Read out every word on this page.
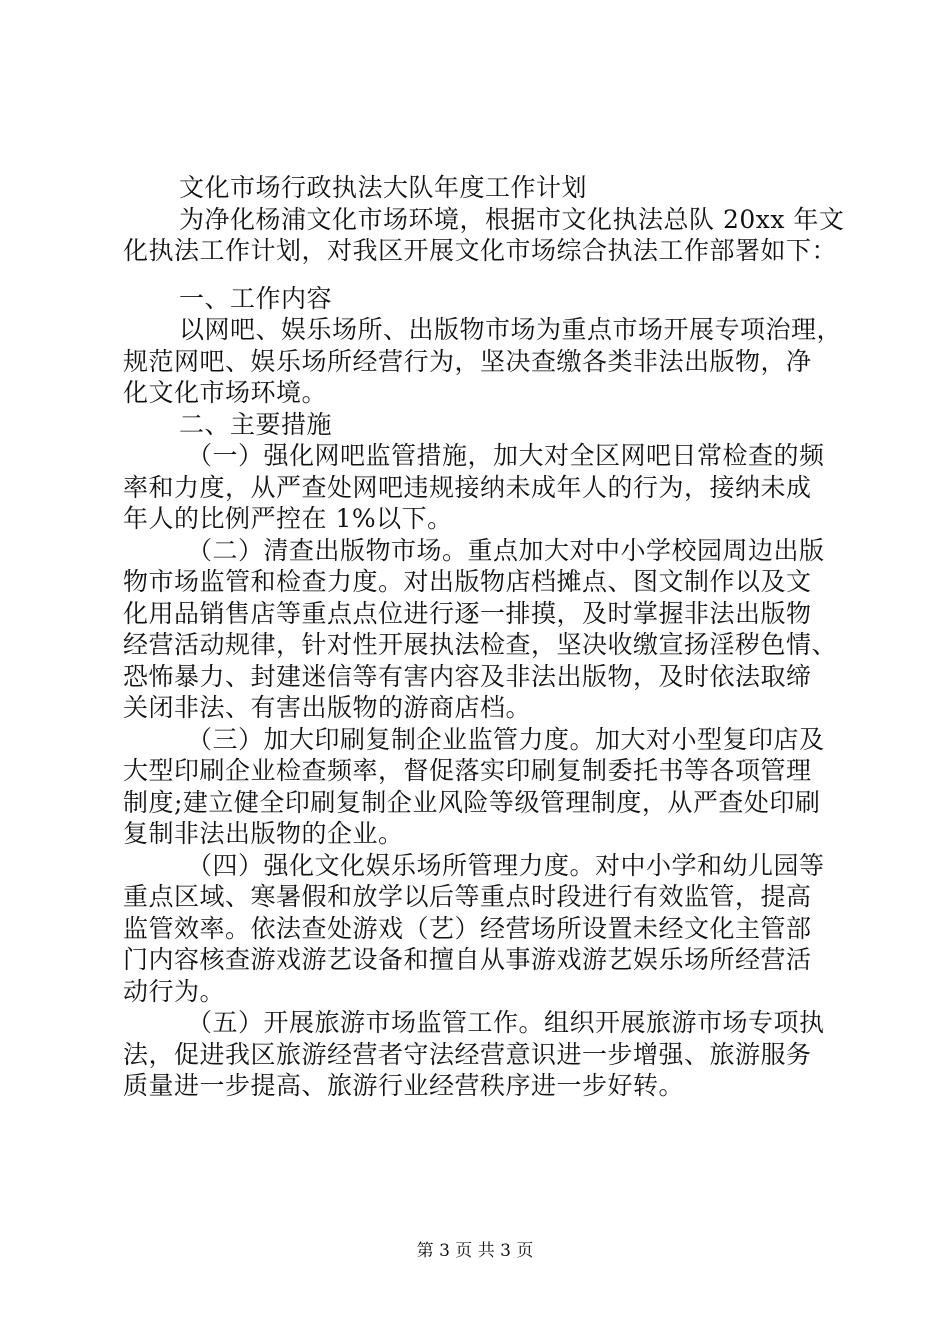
文化市场行政执法大队年度工作计划
为净化杨浦文化市场环境，根据市文化执法总队 20xx 年文
化执法工作计划，对我区开展文化市场综合执法工作部署如下：
一、工作内容
以网吧、娱乐场所、出版物市场为重点市场开展专项治理，
规范网吧、娱乐场所经营行为，坚决查缴各类非法出版物，净
化文化市场环境。
二、主要措施
（一）强化网吧监管措施，加大对全区网吧日常检查的频
率和力度，从严查处网吧违规接纳未成年人的行为，接纳未成
年人的比例严控在 1%以下。
（二）清查出版物市场。重点加大对中小学校园周边出版
物市场监管和检查力度。对出版物店档摊点、图文制作以及文
化用品销售店等重点点位进行逐一排摸，及时掌握非法出版物
经营活动规律，针对性开展执法检查，坚决收缴宣扬淫秽色情、
恐怖暴力、封建迷信等有害内容及非法出版物，及时依法取缔
关闭非法、有害出版物的游商店档。
（三）加大印刷复制企业监管力度。加大对小型复印店及
大型印刷企业检查频率，督促落实印刷复制委托书等各项管理
制度;建立健全印刷复制企业风险等级管理制度，从严查处印刷
复制非法出版物的企业。
（四）强化文化娱乐场所管理力度。对中小学和幼儿园等
重点区域、寒暑假和放学以后等重点时段进行有效监管，提高
监管效率。依法查处游戏（艺）经营场所设置未经文化主管部
门内容核查游戏游艺设备和擅自从事游戏游艺娱乐场所经营活
动行为。
（五）开展旅游市场监管工作。组织开展旅游市场专项执
法，促进我区旅游经营者守法经营意识进一步增强、旅游服务
质量进一步提高、旅游行业经营秩序进一步好转。
第 3 页 共 3 页
